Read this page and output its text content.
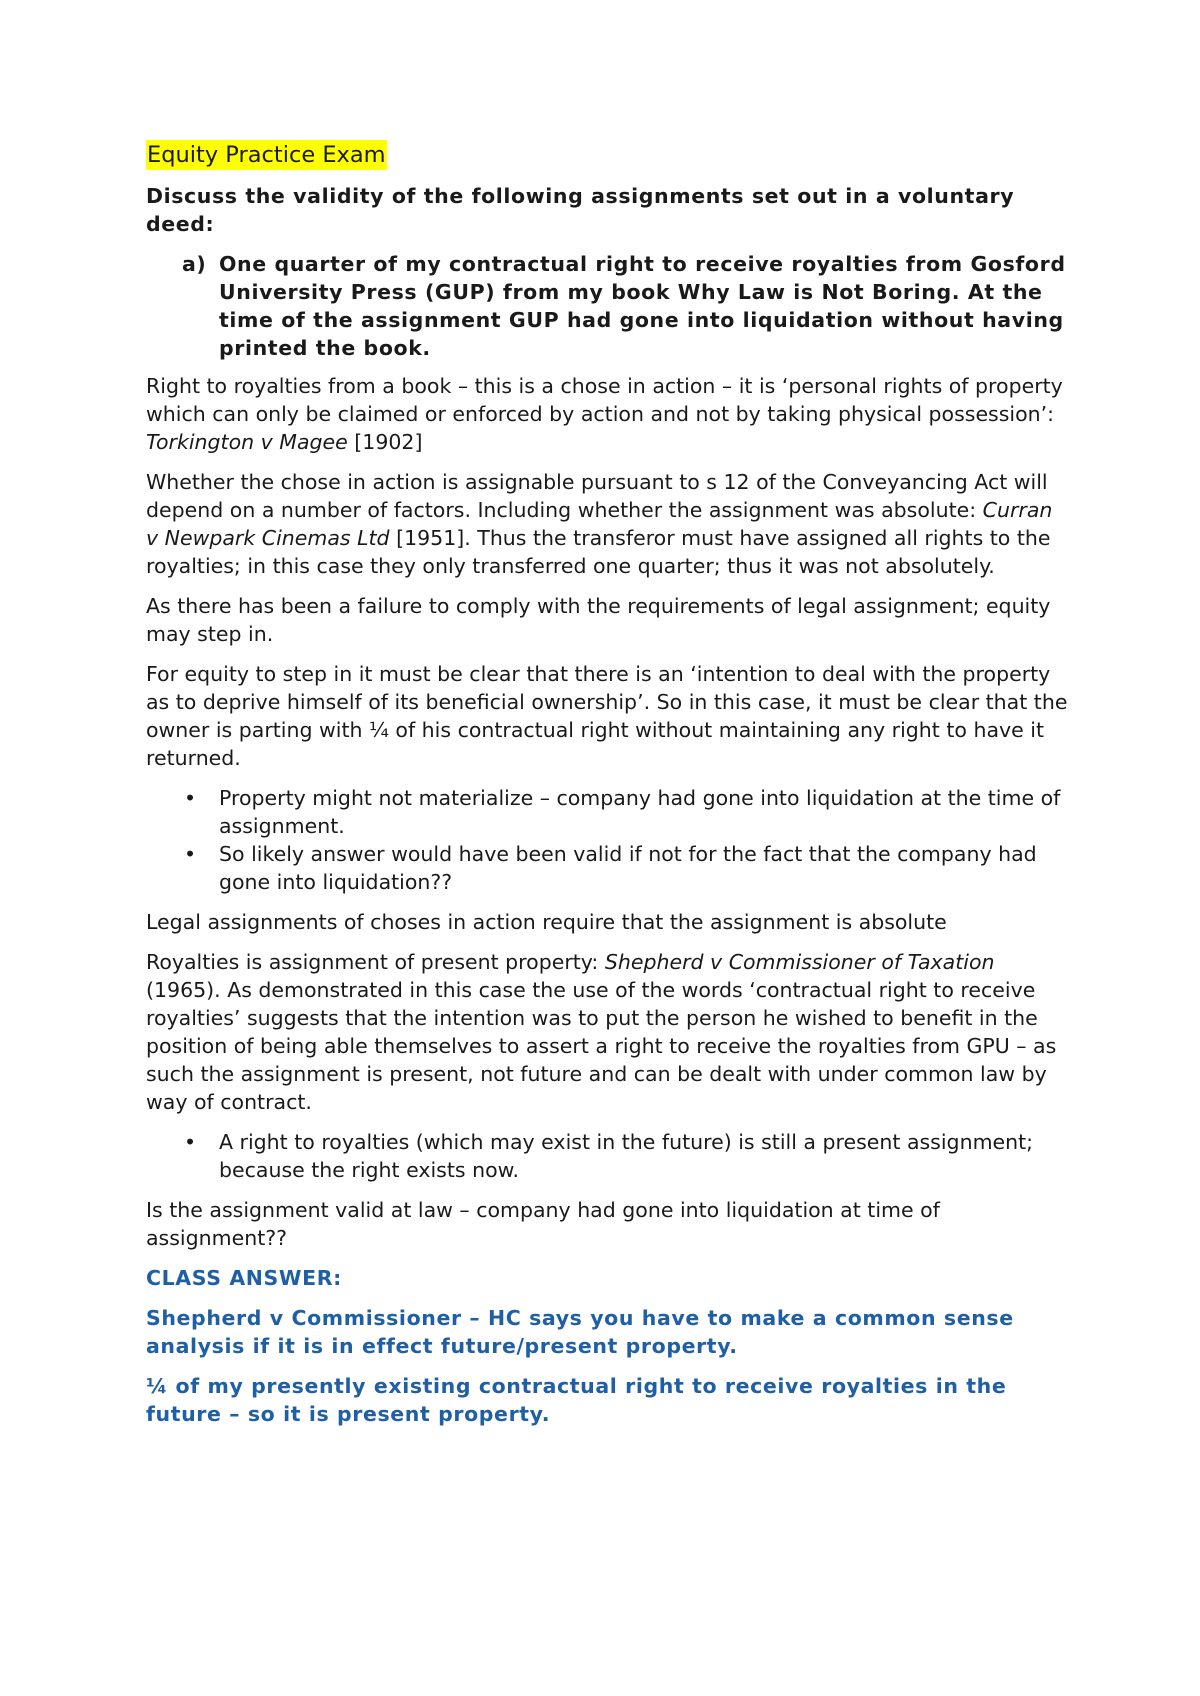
Equity Practice Exam
Discuss the validity of the following assignments set out in a voluntary deed:
a) One quarter of my contractual right to receive royalties from Gosford University Press (GUP) from my book Why Law is Not Boring. At the time of the assignment GUP had gone into liquidation without having printed the book.

Right to royalties from a book – this is a chose in action – it is ‘personal rights of property which can only be claimed or enforced by action and not by taking physical possession’: Torkington v Magee [1902]

Whether the chose in action is assignable pursuant to s 12 of the Conveyancing Act will depend on a number of factors. Including whether the assignment was absolute: Curran v Newpark Cinemas Ltd [1951]. Thus the transferor must have assigned all rights to the royalties; in this case they only transferred one quarter; thus it was not absolutely.

As there has been a failure to comply with the requirements of legal assignment; equity may step in.

For equity to step in it must be clear that there is an ‘intention to deal with the property as to deprive himself of its beneficial ownership’. So in this case, it must be clear that the owner is parting with ¼ of his contractual right without maintaining any right to have it returned.

• Property might not materialize – company had gone into liquidation at the time of assignment.
• So likely answer would have been valid if not for the fact that the company had gone into liquidation??

Legal assignments of choses in action require that the assignment is absolute

Royalties is assignment of present property: Shepherd v Commissioner of Taxation (1965). As demonstrated in this case the use of the words ‘contractual right to receive royalties’ suggests that the intention was to put the person he wished to benefit in the position of being able themselves to assert a right to receive the royalties from GPU – as such the assignment is present, not future and can be dealt with under common law by way of contract.

• A right to royalties (which may exist in the future) is still a present assignment; because the right exists now.

Is the assignment valid at law – company had gone into liquidation at time of assignment??

CLASS ANSWER:
Shepherd v Commissioner – HC says you have to make a common sense analysis if it is in effect future/present property.
¼ of my presently existing contractual right to receive royalties in the future – so it is present property.
